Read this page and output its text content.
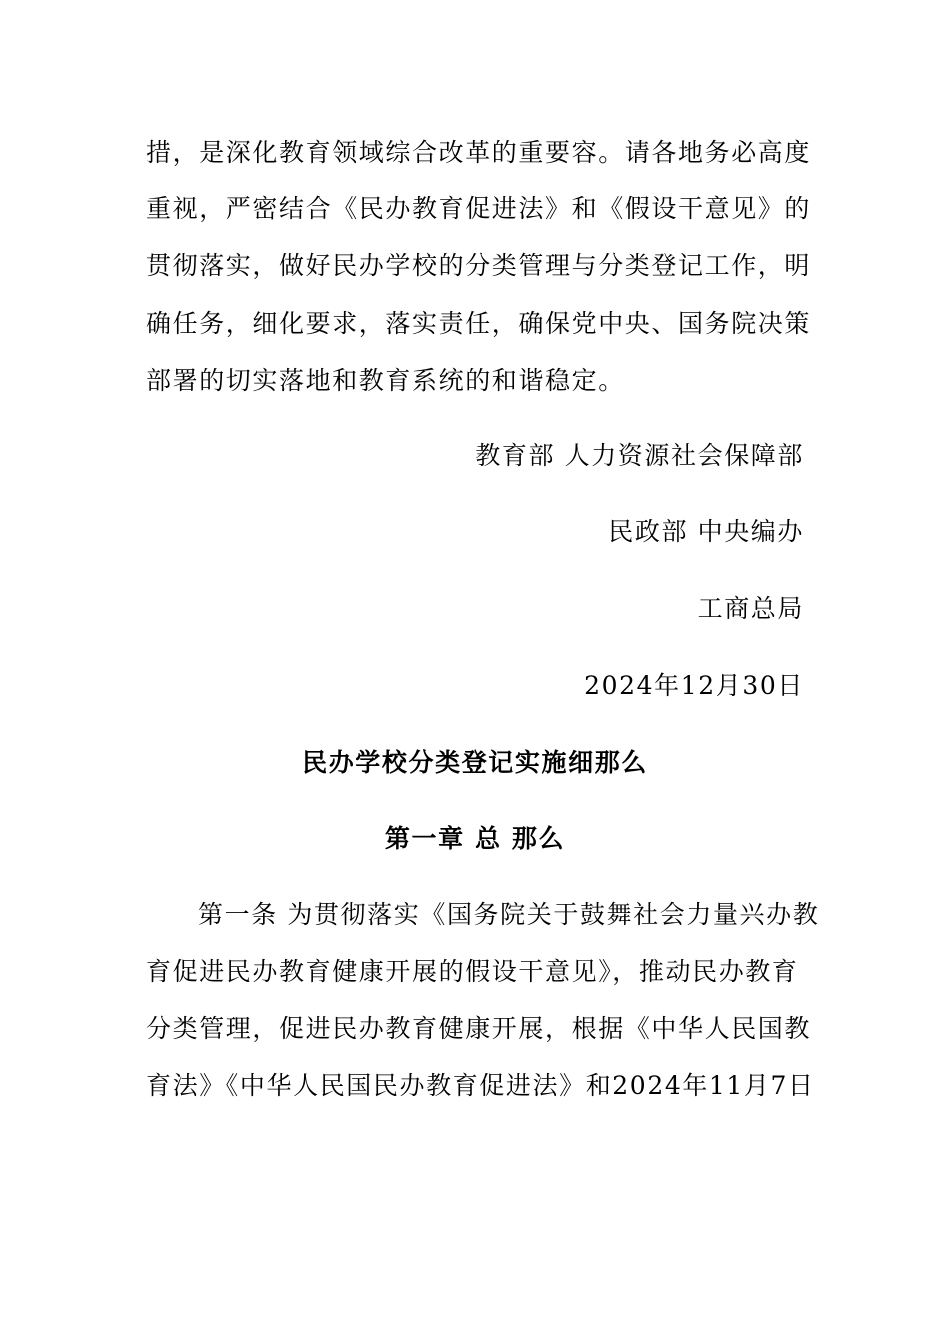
措，是深化教育领域综合改革的重要容。请各地务必高度
重视，严密结合《民办教育促进法》和《假设干意见》的
贯彻落实，做好民办学校的分类管理与分类登记工作，明
确任务，细化要求，落实责任，确保党中央、国务院决策
部署的切实落地和教育系统的和谐稳定。
教育部 人力资源社会保障部
民政部 中央编办
工商总局
2024年12月30日
民办学校分类登记实施细那么
第一章 总 那么
第一条 为贯彻落实《国务院关于鼓舞社会力量兴办教
育促进民办教育健康开展的假设干意见》，推动民办教育
分类管理，促进民办教育健康开展，根据《中华人民国教
育法》《中华人民国民办教育促进法》和2024年11月7日
